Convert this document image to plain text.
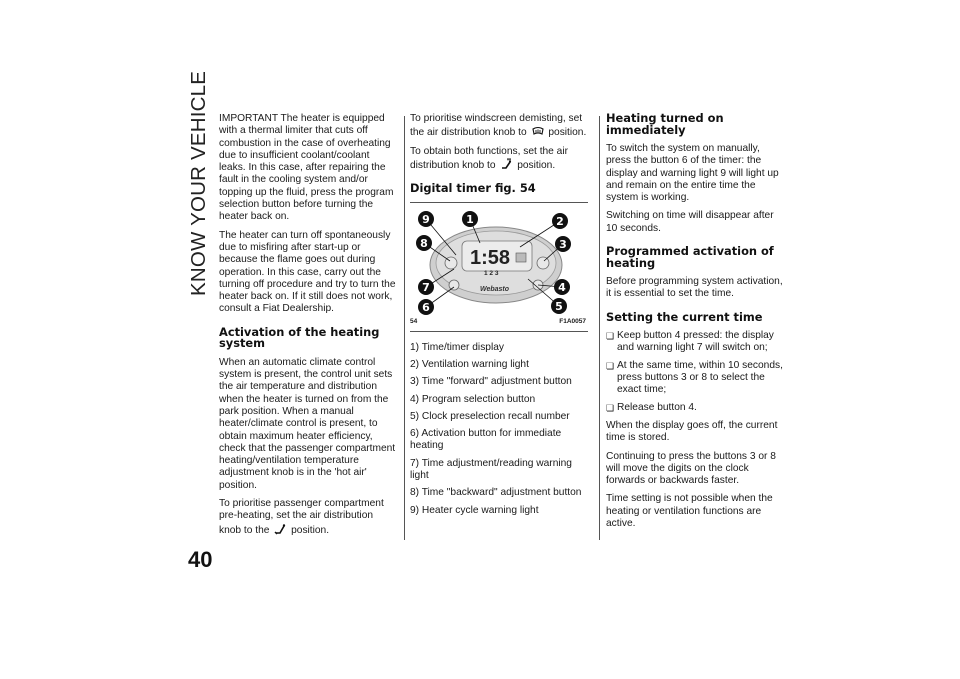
KNOW YOUR VEHICLE
40

IMPORTANT The heater is equipped with a thermal limiter that cuts off combustion in the case of overheating due to insufficient coolant/coolant leaks. In this case, after repairing the fault in the cooling system and/or topping up the fluid, press the program selection button before turning the heater back on.

The heater can turn off spontaneously due to misfiring after start-up or because the flame goes out during operation. In this case, carry out the turning off procedure and try to turn the heater back on. If it still does not work, consult a Fiat Dealership.

Activation of the heating system

When an automatic climate control system is present, the control unit sets the air temperature and distribution when the heater is turned on from the park position. When a manual heater/climate control is present, to obtain maximum heater efficiency, check that the passenger compartment heating/ventilation temperature adjustment knob is in the 'hot air' position.

To prioritise passenger compartment pre-heating, set the air distribution knob to the position.

To prioritise windscreen demisting, set the air distribution knob to position.

To obtain both functions, set the air distribution knob to position.

Digital timer fig. 54
1:58
1 2 3
Webasto
9	1	2
8	3
7	4
6	5
54	F1A0057

1) Time/timer display

2) Ventilation warning light

3) Time "forward" adjustment button

4) Program selection button

5) Clock preselection recall number

6) Activation button for immediate heating

7) Time adjustment/reading warning light

8) Time "backward" adjustment button

9) Heater cycle warning light

Heating turned on immediately

To switch the system on manually, press the button 6 of the timer: the display and warning light 9 will light up and remain on the entire time the system is working.

Switching on time will disappear after 10 seconds.

Programmed activation of heating

Before programming system activation, it is essential to set the time.

Setting the current time
❏ Keep button 4 pressed: the display and warning light 7 will switch on;
❏ At the same time, within 10 seconds, press buttons 3 or 8 to select the exact time;
❏ Release button 4.

When the display goes off, the current time is stored.

Continuing to press the buttons 3 or 8 will move the digits on the clock forwards or backwards faster.

Time setting is not possible when the heating or ventilation functions are active.
